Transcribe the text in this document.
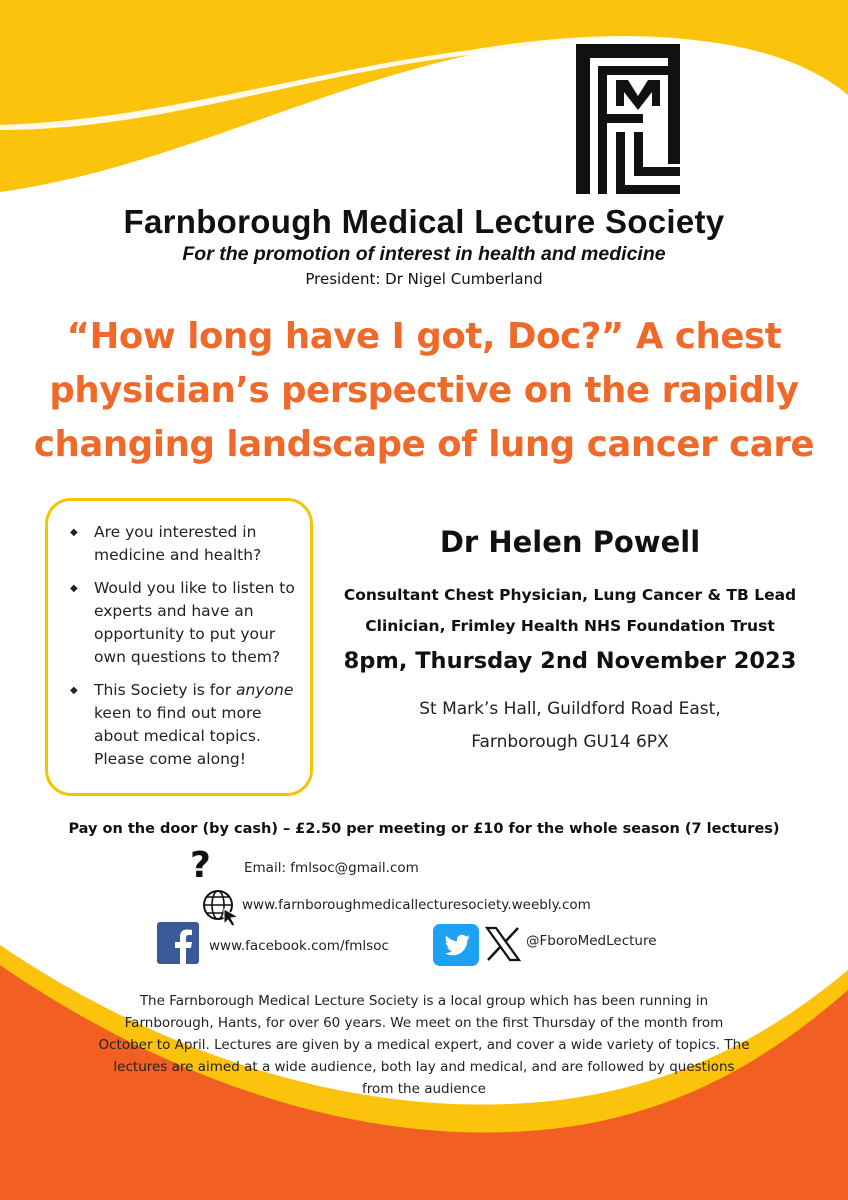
Farnborough Medical Lecture Society
For the promotion of interest in health and medicine
President: Dr Nigel Cumberland
“How long have I got, Doc?” A chest
physician’s perspective on the rapidly
changing landscape of lung cancer care
◆ Are you interested in medicine and health?
◆ Would you like to listen to experts and have an opportunity to put your own questions to them?
◆ This Society is for anyone keen to find out more about medical topics. Please come along!
Dr Helen Powell
Consultant Chest Physician, Lung Cancer & TB Lead
Clinician, Frimley Health NHS Foundation Trust
8pm, Thursday 2nd November 2023
St Mark’s Hall, Guildford Road East,
Farnborough GU14 6PX
Pay on the door (by cash) – £2.50 per meeting or £10 for the whole season (7 lectures)
? Email: fmlsoc@gmail.com
www.farnboroughmedicallecturesociety.weebly.com
www.facebook.com/fmlsoc	@FboroMedLecture
The Farnborough Medical Lecture Society is a local group which has been running in Farnborough, Hants, for over 60 years. We meet on the first Thursday of the month from October to April. Lectures are given by a medical expert, and cover a wide variety of topics. The lectures are aimed at a wide audience, both lay and medical, and are followed by questions from the audience
